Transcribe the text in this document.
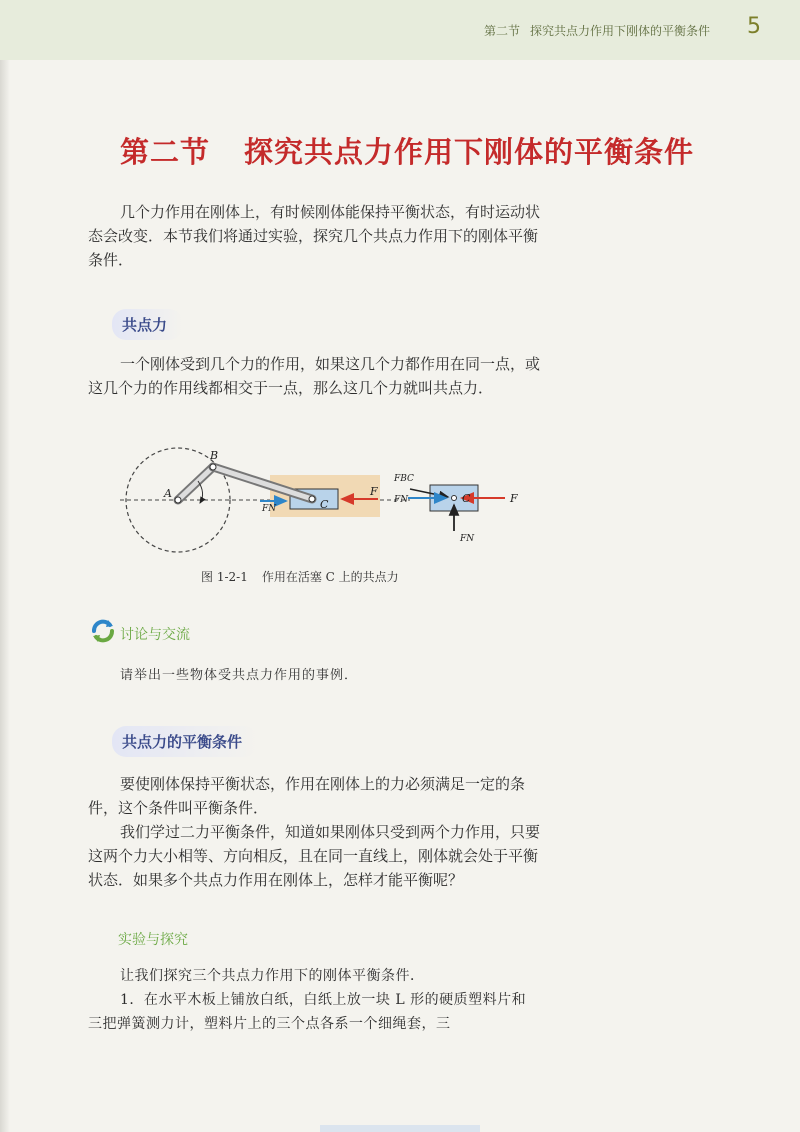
第二节 探究共点力作用下刚体的平衡条件	5
第二节 探究共点力作用下刚体的平衡条件

几个力作用在刚体上，有时候刚体能保持平衡状态，有时运动状态会改变．本节我们将通过实验，探究几个共点力作用下的刚体平衡条件．

共点力

一个刚体受到几个力的作用，如果这几个力都作用在同一点，或这几个力的作用线都相交于一点，那么这几个力就叫共点力．

A
B
C
F
FN
FBC
FN	C	F
FN
图 1-2-1 作用在活塞 C 上的共点力
讨论与交流
请举出一些物体受共点力作用的事例．
共点力的平衡条件

要使刚体保持平衡状态，作用在刚体上的力必须满足一定的条件，这个条件叫平衡条件．

我们学过二力平衡条件，知道如果刚体只受到两个力作用，只要这两个力大小相等、方向相反，且在同一直线上，刚体就会处于平衡状态．如果多个共点力作用在刚体上，怎样才能平衡呢？

实验与探究

让我们探究三个共点力作用下的刚体平衡条件．

1．在水平木板上铺放白纸，白纸上放一块 L 形的硬质塑料片和三把弹簧测力计，塑料片上的三个点各系一个细绳套，三
